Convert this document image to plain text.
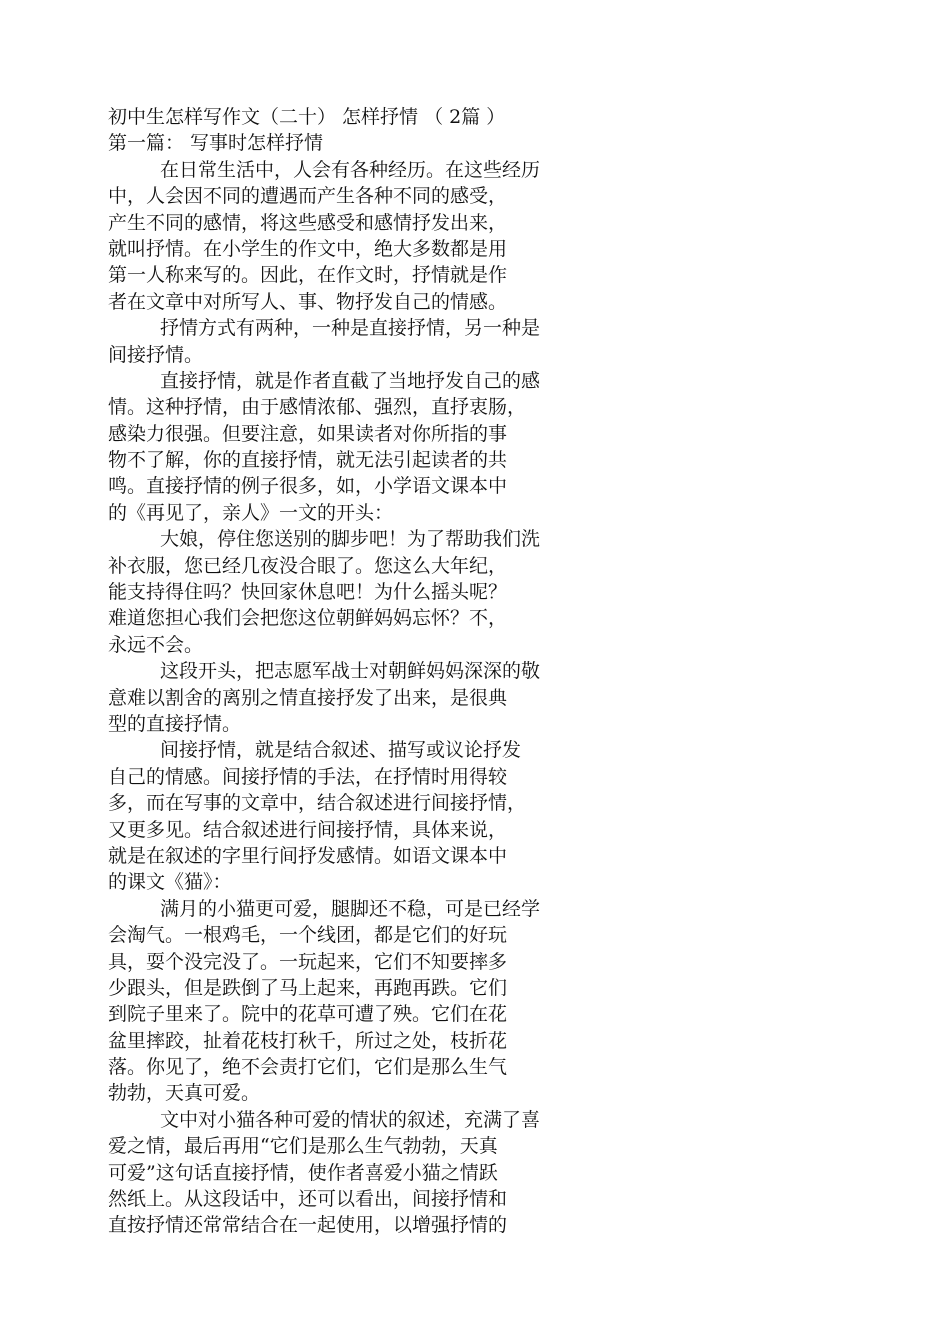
初中生怎样写作文（二十） 怎样抒情 （ 2篇 ）
第一篇： 写事时怎样抒情
在日常生活中，人会有各种经历。在这些经历
中，人会因不同的遭遇而产生各种不同的感受，
产生不同的感情，将这些感受和感情抒发出来，
就叫抒情。在小学生的作文中，绝大多数都是用
第一人称来写的。因此，在作文时，抒情就是作
者在文章中对所写人、事、物抒发自己的情感。
抒情方式有两种，一种是直接抒情，另一种是
间接抒情。
直接抒情，就是作者直截了当地抒发自己的感
情。这种抒情，由于感情浓郁、强烈，直抒衷肠，
感染力很强。但要注意，如果读者对你所指的事
物不了解，你的直接抒情，就无法引起读者的共
鸣。直接抒情的例子很多，如，小学语文课本中
的《再见了，亲人》一文的开头：
大娘，停住您送别的脚步吧！为了帮助我们洗
补衣服，您已经几夜没合眼了。您这么大年纪，
能支持得住吗？快回家休息吧！为什么摇头呢？
难道您担心我们会把您这位朝鲜妈妈忘怀？不，
永远不会。
这段开头，把志愿军战士对朝鲜妈妈深深的敬
意难以割舍的离别之情直接抒发了出来，是很典
型的直接抒情。
间接抒情，就是结合叙述、描写或议论抒发
自己的情感。间接抒情的手法，在抒情时用得较
多，而在写事的文章中，结合叙述进行间接抒情，
又更多见。结合叙述进行间接抒情，具体来说，
就是在叙述的字里行间抒发感情。如语文课本中
的课文《猫》：
满月的小猫更可爱，腿脚还不稳，可是已经学
会淘气。一根鸡毛，一个线团，都是它们的好玩
具，耍个没完没了。一玩起来，它们不知要摔多
少跟头，但是跌倒了马上起来，再跑再跌。它们
到院子里来了。院中的花草可遭了殃。它们在花
盆里摔跤，扯着花枝打秋千，所过之处，枝折花
落。你见了，绝不会责打它们，它们是那么生气
勃勃，天真可爱。
文中对小猫各种可爱的情状的叙述，充满了喜
爱之情，最后再用“它们是那么生气勃勃，天真
可爱”这句话直接抒情，使作者喜爱小猫之情跃
然纸上。从这段话中，还可以看出，间接抒情和
直按抒情还常常结合在一起使用，以增强抒情的
